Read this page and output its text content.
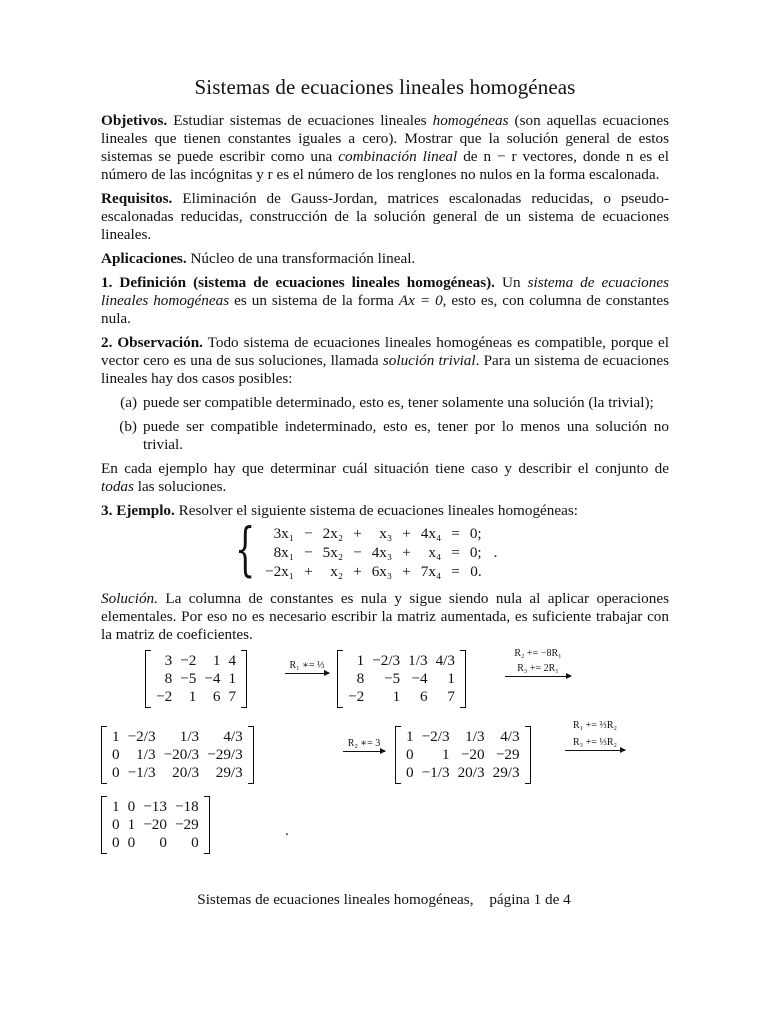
Sistemas de ecuaciones lineales homogéneas

Objetivos. Estudiar sistemas de ecuaciones lineales homogéneas (son aquellas ecuaciones lineales que tienen constantes iguales a cero). Mostrar que la solución general de estos sistemas se puede escribir como una combinación lineal de n − r vectores, donde n es el número de las incógnitas y r es el número de los renglones no nulos en la forma escalonada.

Requisitos. Eliminación de Gauss-Jordan, matrices escalonadas reducidas, o pseudo-escalonadas reducidas, construcción de la solución general de un sistema de ecuaciones lineales.

Aplicaciones. Núcleo de una transformación lineal.

1. Definición (sistema de ecuaciones lineales homogéneas). Un sistema de ecuaciones lineales homogéneas es un sistema de la forma Ax = 0, esto es, con columna de constantes nula.

2. Observación. Todo sistema de ecuaciones lineales homogéneas es compatible, porque el vector cero es una de sus soluciones, llamada solución trivial. Para un sistema de ecuaciones lineales hay dos casos posibles:

(a) puede ser compatible determinado, esto es, tener solamente una solución (la trivial);
(b) puede ser compatible indeterminado, esto es, tener por lo menos una solución no trivial.

En cada ejemplo hay que determinar cuál situación tiene caso y describir el conjunto de todas las soluciones.

3. Ejemplo. Resolver el siguiente sistema de ecuaciones lineales homogéneas:

{ 3x₁	−	2x₂	+	x₃	+	4x₄	=	0;	
8x₁	−	5x₂	−	4x₃	+	x₄	=	0;	.
−2x₁	+	x₂	+	6x₃	+	7x₄	=	0.	

Solución. La columna de constantes es nula y sigue siendo nula al aplicar operaciones elementales. Por eso no es necesario escribir la matriz aumentada, es suficiente trabajar con la matriz de coeficientes.

3	−2	1	4
8	−5	−4	1
−2	1	6	7
R₁ ∗= ⅓ 1	−2/3	1/3	4/3
8	−5	−4	1
−2	1	6	7
R₂ += −8R₁
R₃ += 2R₁
1	−2/3	1/3	4/3
0	1/3	−20/3	−29/3
0	−1/3	20/3	29/3
R₂ ∗= 3	1	−2/3	1/3	4/3
0	1	−20	−29
0	−1/3	20/3	29/3
R₁ += ⅔R₂
R₃ += ⅓R₂
1	0	−13	−18
0	1	−20	−29
0	0	0	0
.
Sistemas de ecuaciones lineales homogéneas, página 1 de 4
